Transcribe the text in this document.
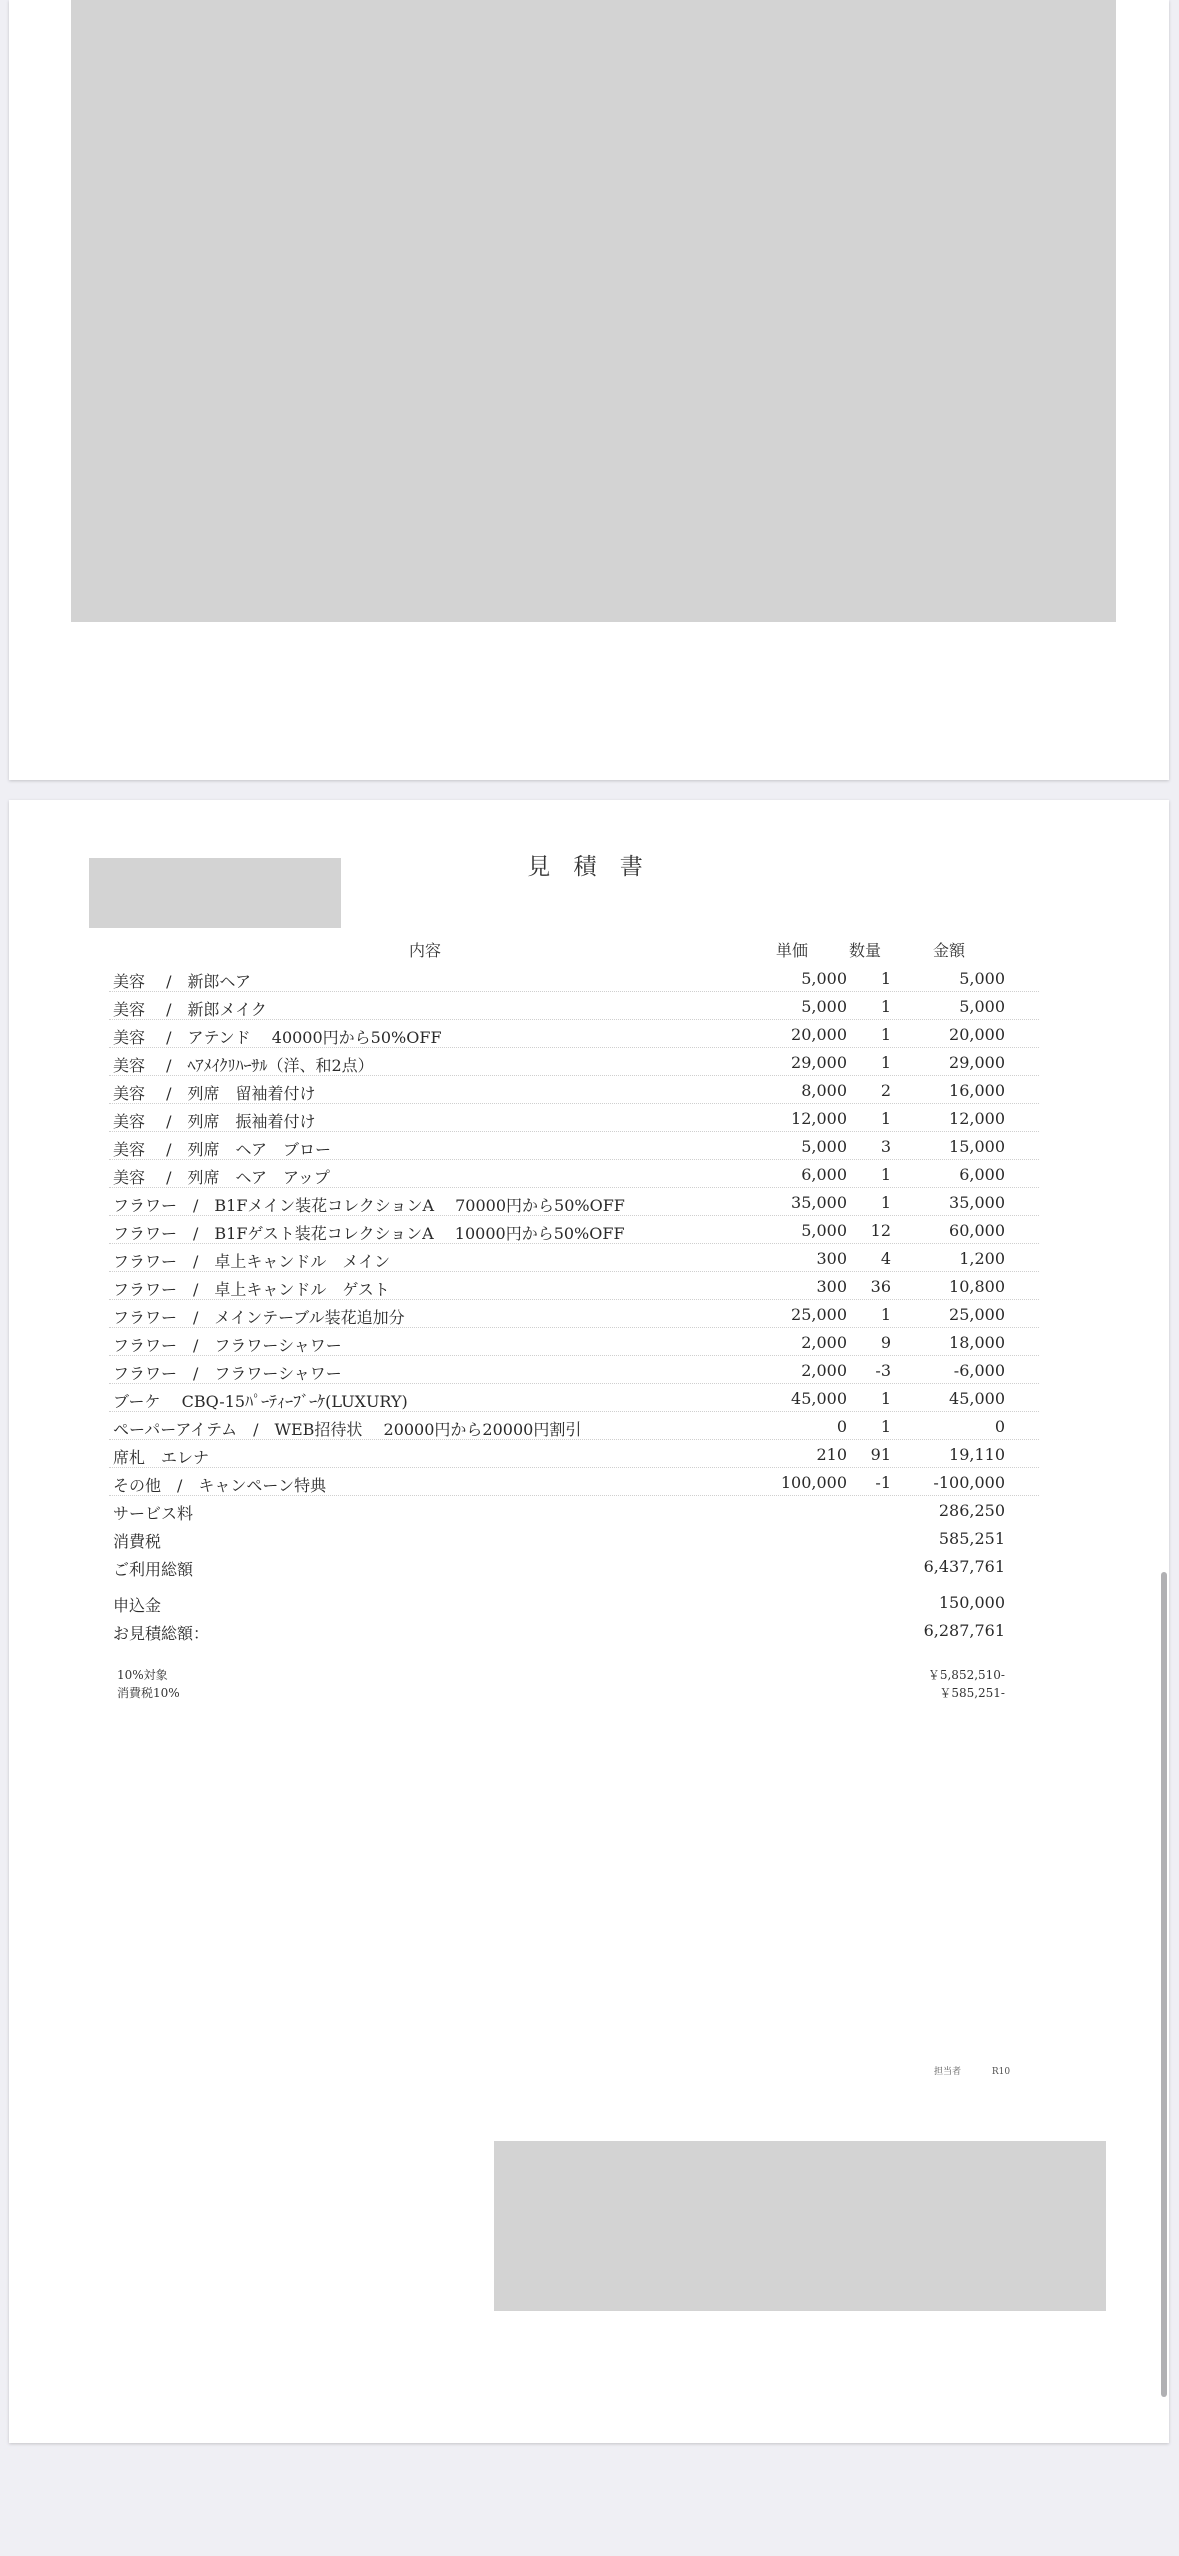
見 積 書
内容	単価	数量	金額
美容　 /　新郎ヘア	5,000 1	5,000
美容　 /　新郎メイク	5,000 1	5,000
美容　 /　アテンド　 40000円から50%OFF	20,000 1	20,000
美容　 /　ﾍｱﾒｲｸﾘﾊｰｻﾙ（洋、和2点）	29,000 1	29,000
美容　 /　列席　留袖着付け	8,000 2	16,000
美容　 /　列席　振袖着付け	12,000 1	12,000
美容　 /　列席　ヘア　ブロー	5,000 3	15,000
美容　 /　列席　ヘア　アップ	6,000 1	6,000
フラワー　/　B1Fメイン装花コレクションA　 70000円から50%OFF	35,000 1	35,000
フラワー　/　B1Fゲスト装花コレクションA　 10000円から50%OFF	5,000 12	60,000
フラワー　/　卓上キャンドル　メイン	300 4	1,200
フラワー　/　卓上キャンドル　ゲスト	300 36	10,800
フラワー　/　メインテーブル装花追加分	25,000 1	25,000
フラワー　/　フラワーシャワー	2,000 9	18,000
フラワー　/　フラワーシャワー	2,000 -3	-6,000
ブーケ　 CBQ-15ﾊﾟｰﾃｨｰﾌﾞｰｹ(LUXURY)	45,000 1	45,000
ペーパーアイテム　/　WEB招待状　 20000円から20000円割引	0 1	0
席札　エレナ	210 91	19,110
その他　/　キャンペーン特典	100,000 -1	-100,000
サービス料	286,250
消費税	585,251
ご利用総額	6,437,761
申込金	150,000
お見積総額：	6,287,761
10%対象	￥5,852,510-
消費税10%	￥585,251-
担当者	R10
